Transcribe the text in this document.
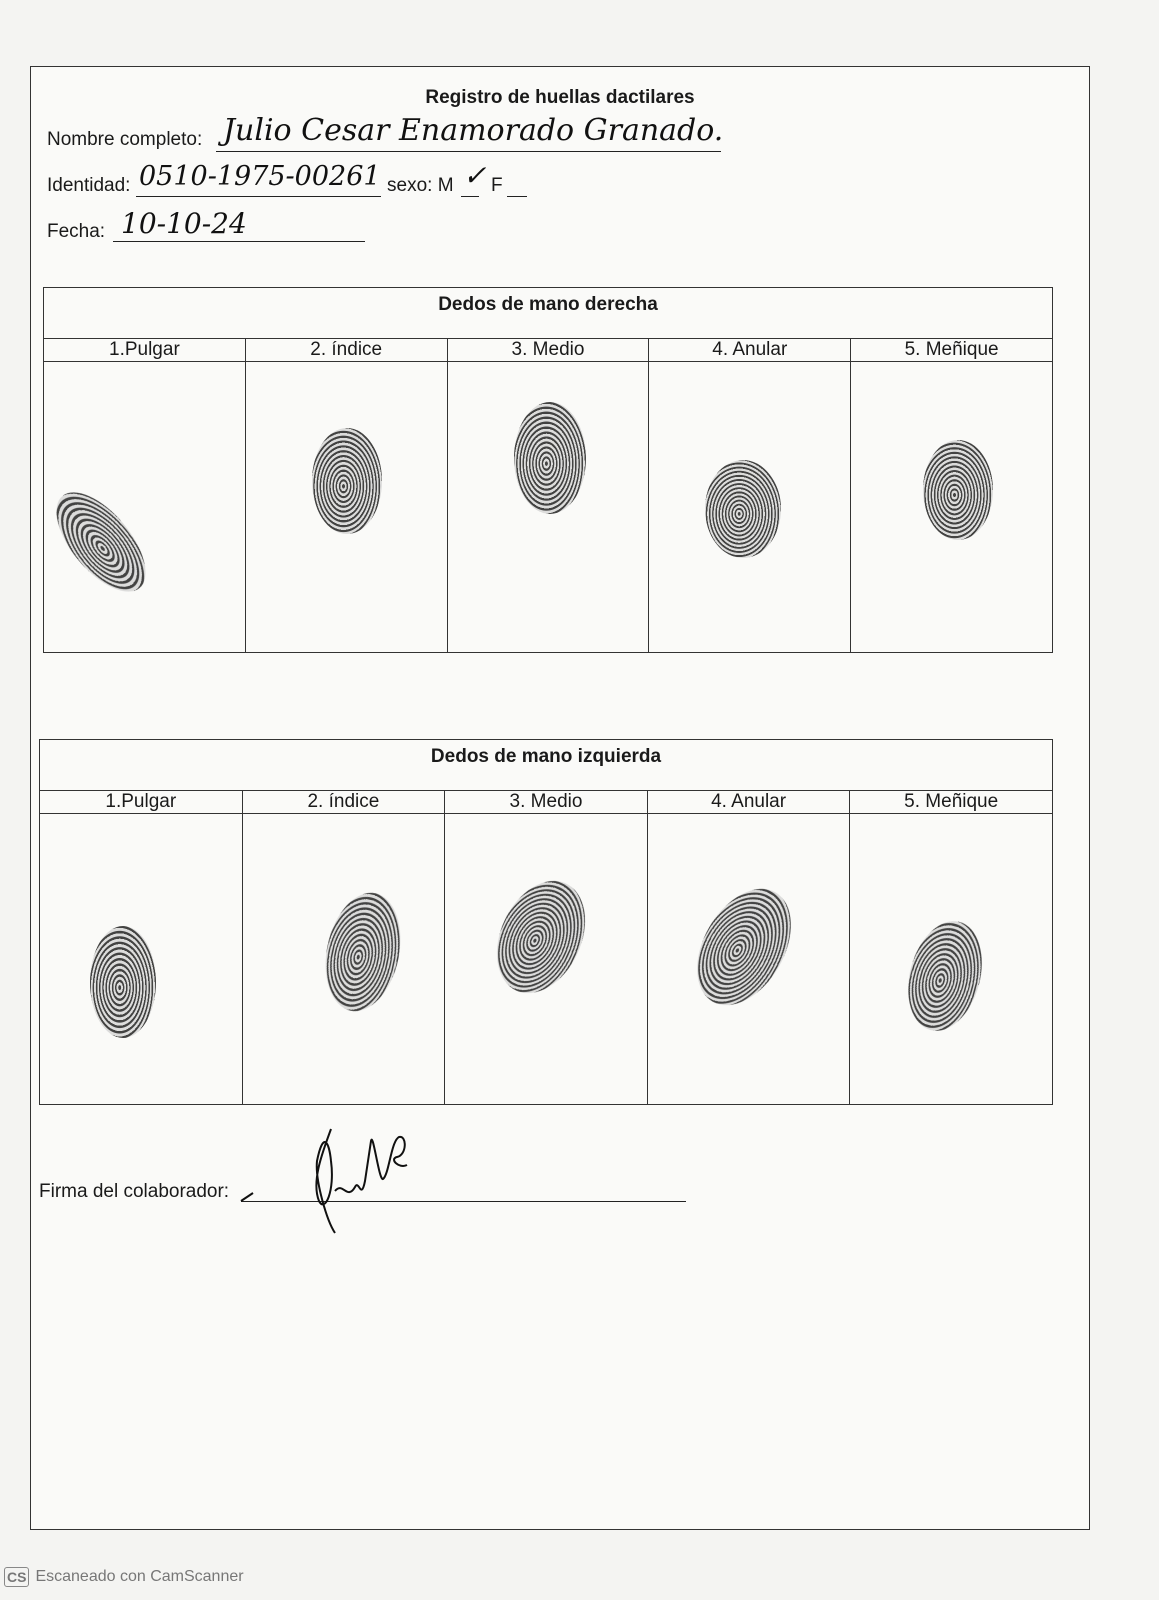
Registro de huellas dactilares
Nombre completo: Julio Cesar Enamorado Granado.
Identidad: 0510-1975-00261 sexo: M ✓ F
Fecha: 10-10-24
Dedos de mano derecha				
1.Pulgar	2. índice	3. Medio	4. Anular	5. Meñique

Dedos de mano izquierda				
1.Pulgar	2. índice	3. Medio	4. Anular	5. Meñique

Firma del colaborador:
CS Escaneado con CamScanner
